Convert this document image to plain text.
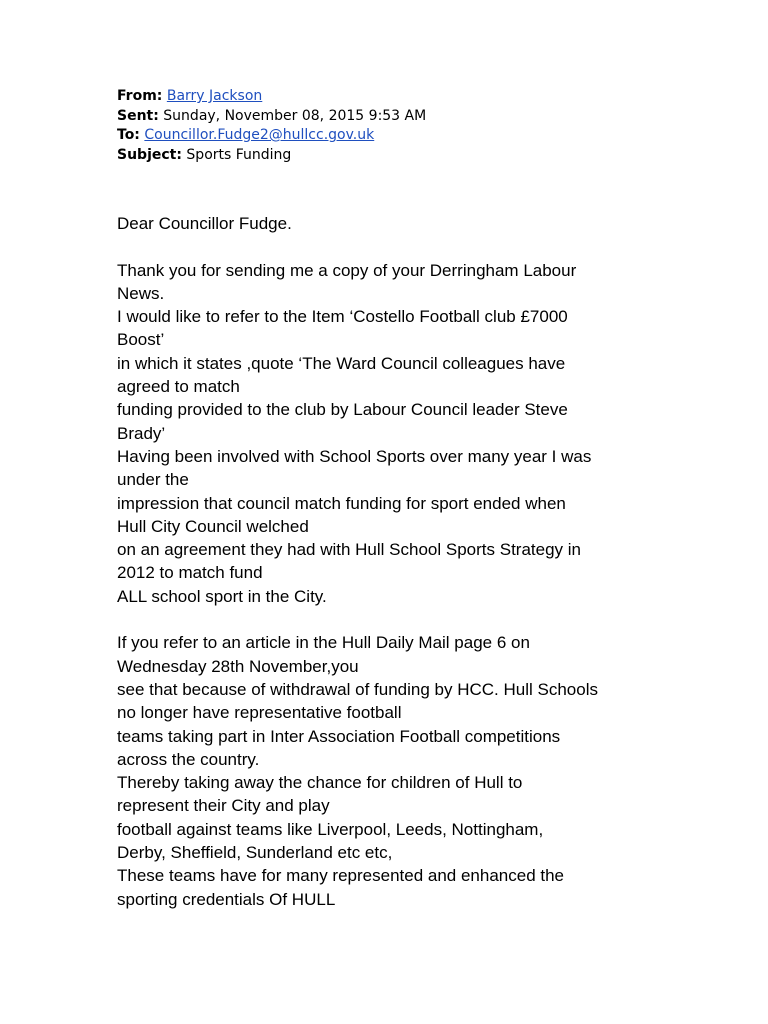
From: Barry Jackson
Sent: Sunday, November 08, 2015 9:53 AM
To: Councillor.Fudge2@hullcc.gov.uk
Subject: Sports Funding
Dear Councillor Fudge.
Thank you for sending me a copy of your Derringham Labour
News.
I would like to refer to the Item ‘Costello Football club £7000
Boost’
in which it states ,quote ‘The Ward Council colleagues have
agreed to match
funding provided to the club by Labour Council leader Steve
Brady’
Having been involved with School Sports over many year I was
under the
impression that council match funding for sport ended when
Hull City Council welched
on an agreement they had with Hull School Sports Strategy in
2012 to match fund
ALL school sport in the City.
If you refer to an article in the Hull Daily Mail page 6 on
Wednesday 28th November,you
see that because of withdrawal of funding by HCC. Hull Schools
no longer have representative football
teams taking part in Inter Association Football competitions
across the country.
Thereby taking away the chance for children of Hull to
represent their City and play
football against teams like Liverpool, Leeds, Nottingham,
Derby, Sheffield, Sunderland etc etc,
These teams have for many represented and enhanced the
sporting credentials Of HULL
